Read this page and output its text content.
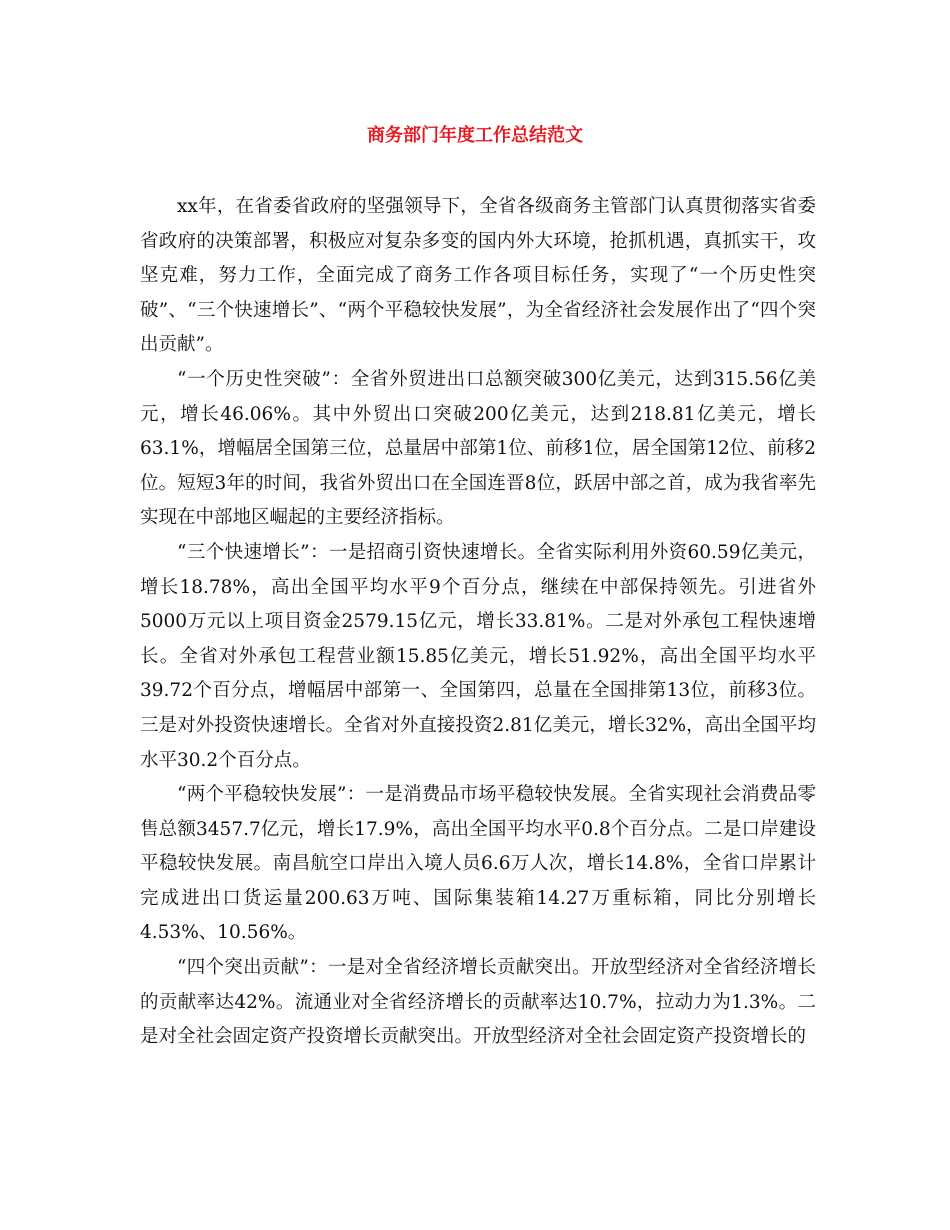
商务部门年度工作总结范文

xx年，在省委省政府的坚强领导下，全省各级商务主管部门认真贯彻落实省委省政府的决策部署，积极应对复杂多变的国内外大环境，抢抓机遇，真抓实干，攻坚克难，努力工作，全面完成了商务工作各项目标任务，实现了“一个历史性突破”、“三个快速增长”、“两个平稳较快发展”，为全省经济社会发展作出了“四个突出贡献”。

“一个历史性突破”：全省外贸进出口总额突破300亿美元，达到315.56亿美元，增长46.06%。其中外贸出口突破200亿美元，达到218.81亿美元，增长63.1%，增幅居全国第三位，总量居中部第1位、前移1位，居全国第12位、前移2位。短短3年的时间，我省外贸出口在全国连晋8位，跃居中部之首，成为我省率先实现在中部地区崛起的主要经济指标。

“三个快速增长”：一是招商引资快速增长。全省实际利用外资60.59亿美元，增长18.78%，高出全国平均水平9个百分点，继续在中部保持领先。引进省外5000万元以上项目资金2579.15亿元，增长33.81%。二是对外承包工程快速增长。全省对外承包工程营业额15.85亿美元，增长51.92%，高出全国平均水平39.72个百分点，增幅居中部第一、全国第四，总量在全国排第13位，前移3位。三是对外投资快速增长。全省对外直接投资2.81亿美元，增长32%，高出全国平均水平30.2个百分点。

“两个平稳较快发展”：一是消费品市场平稳较快发展。全省实现社会消费品零售总额3457.7亿元，增长17.9%，高出全国平均水平0.8个百分点。二是口岸建设平稳较快发展。南昌航空口岸出入境人员6.6万人次，增长14.8%，全省口岸累计完成进出口货运量200.63万吨、国际集装箱14.27万重标箱，同比分别增长4.53%、10.56%。

“四个突出贡献”：一是对全省经济增长贡献突出。开放型经济对全省经济增长的贡献率达42%。流通业对全省经济增长的贡献率达10.7%，拉动力为1.3%。二是对全社会固定资产投资增长贡献突出。开放型经济对全社会固定资产投资增长的
